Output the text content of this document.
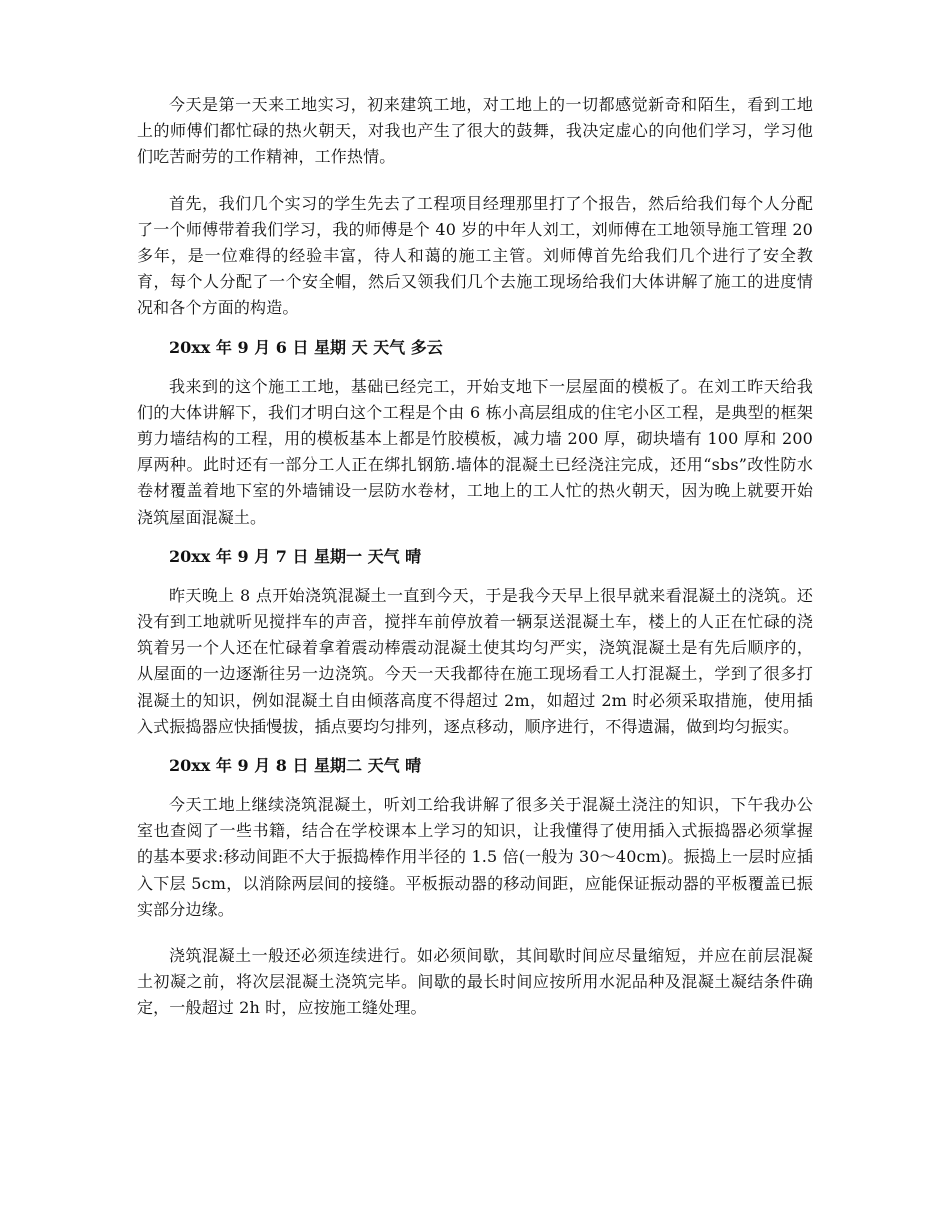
今天是第一天来工地实习，初来建筑工地，对工地上的一切都感觉新奇和陌生，看到工地上的师傅们都忙碌的热火朝天，对我也产生了很大的鼓舞，我决定虚心的向他们学习，学习他们吃苦耐劳的工作精神，工作热情。

首先，我们几个实习的学生先去了工程项目经理那里打了个报告，然后给我们每个人分配了一个师傅带着我们学习，我的师傅是个 40 岁的中年人刘工，刘师傅在工地领导施工管理 20 多年，是一位难得的经验丰富，待人和蔼的施工主管。刘师傅首先给我们几个进行了安全教育，每个人分配了一个安全帽，然后又领我们几个去施工现场给我们大体讲解了施工的进度情况和各个方面的构造。

20xx 年 9 月 6 日 星期 天 天气 多云

我来到的这个施工工地，基础已经完工，开始支地下一层屋面的模板了。在刘工昨天给我们的大体讲解下，我们才明白这个工程是个由 6 栋小高层组成的住宅小区工程，是典型的框架剪力墙结构的工程，用的模板基本上都是竹胶模板，减力墙 200 厚，砌块墙有 100 厚和 200 厚两种。此时还有一部分工人正在绑扎钢筋.墙体的混凝土已经浇注完成，还用“sbs”改性防水卷材覆盖着地下室的外墙铺设一层防水卷材，工地上的工人忙的热火朝天，因为晚上就要开始浇筑屋面混凝土。

20xx 年 9 月 7 日 星期一 天气 晴

昨天晚上 8 点开始浇筑混凝土一直到今天，于是我今天早上很早就来看混凝土的浇筑。还没有到工地就听见搅拌车的声音，搅拌车前停放着一辆泵送混凝土车，楼上的人正在忙碌的浇筑着另一个人还在忙碌着拿着震动棒震动混凝土使其均匀严实，浇筑混凝土是有先后顺序的，从屋面的一边逐渐往另一边浇筑。今天一天我都待在施工现场看工人打混凝土，学到了很多打混凝土的知识，例如混凝土自由倾落高度不得超过 2m，如超过 2m 时必须采取措施，使用插入式振捣器应快插慢拔，插点要均匀排列，逐点移动，顺序进行，不得遗漏，做到均匀振实。

20xx 年 9 月 8 日 星期二 天气 晴

今天工地上继续浇筑混凝土，听刘工给我讲解了很多关于混凝土浇注的知识，下午我办公室也查阅了一些书籍，结合在学校课本上学习的知识，让我懂得了使用插入式振捣器必须掌握的基本要求:移动间距不大于振捣棒作用半径的 1.5 倍(一般为 30～40cm)。振捣上一层时应插入下层 5cm，以消除两层间的接缝。平板振动器的移动间距，应能保证振动器的平板覆盖已振实部分边缘。

浇筑混凝土一般还必须连续进行。如必须间歇，其间歇时间应尽量缩短，并应在前层混凝土初凝之前，将次层混凝土浇筑完毕。间歇的最长时间应按所用水泥品种及混凝土凝结条件确定，一般超过 2h 时，应按施工缝处理。
